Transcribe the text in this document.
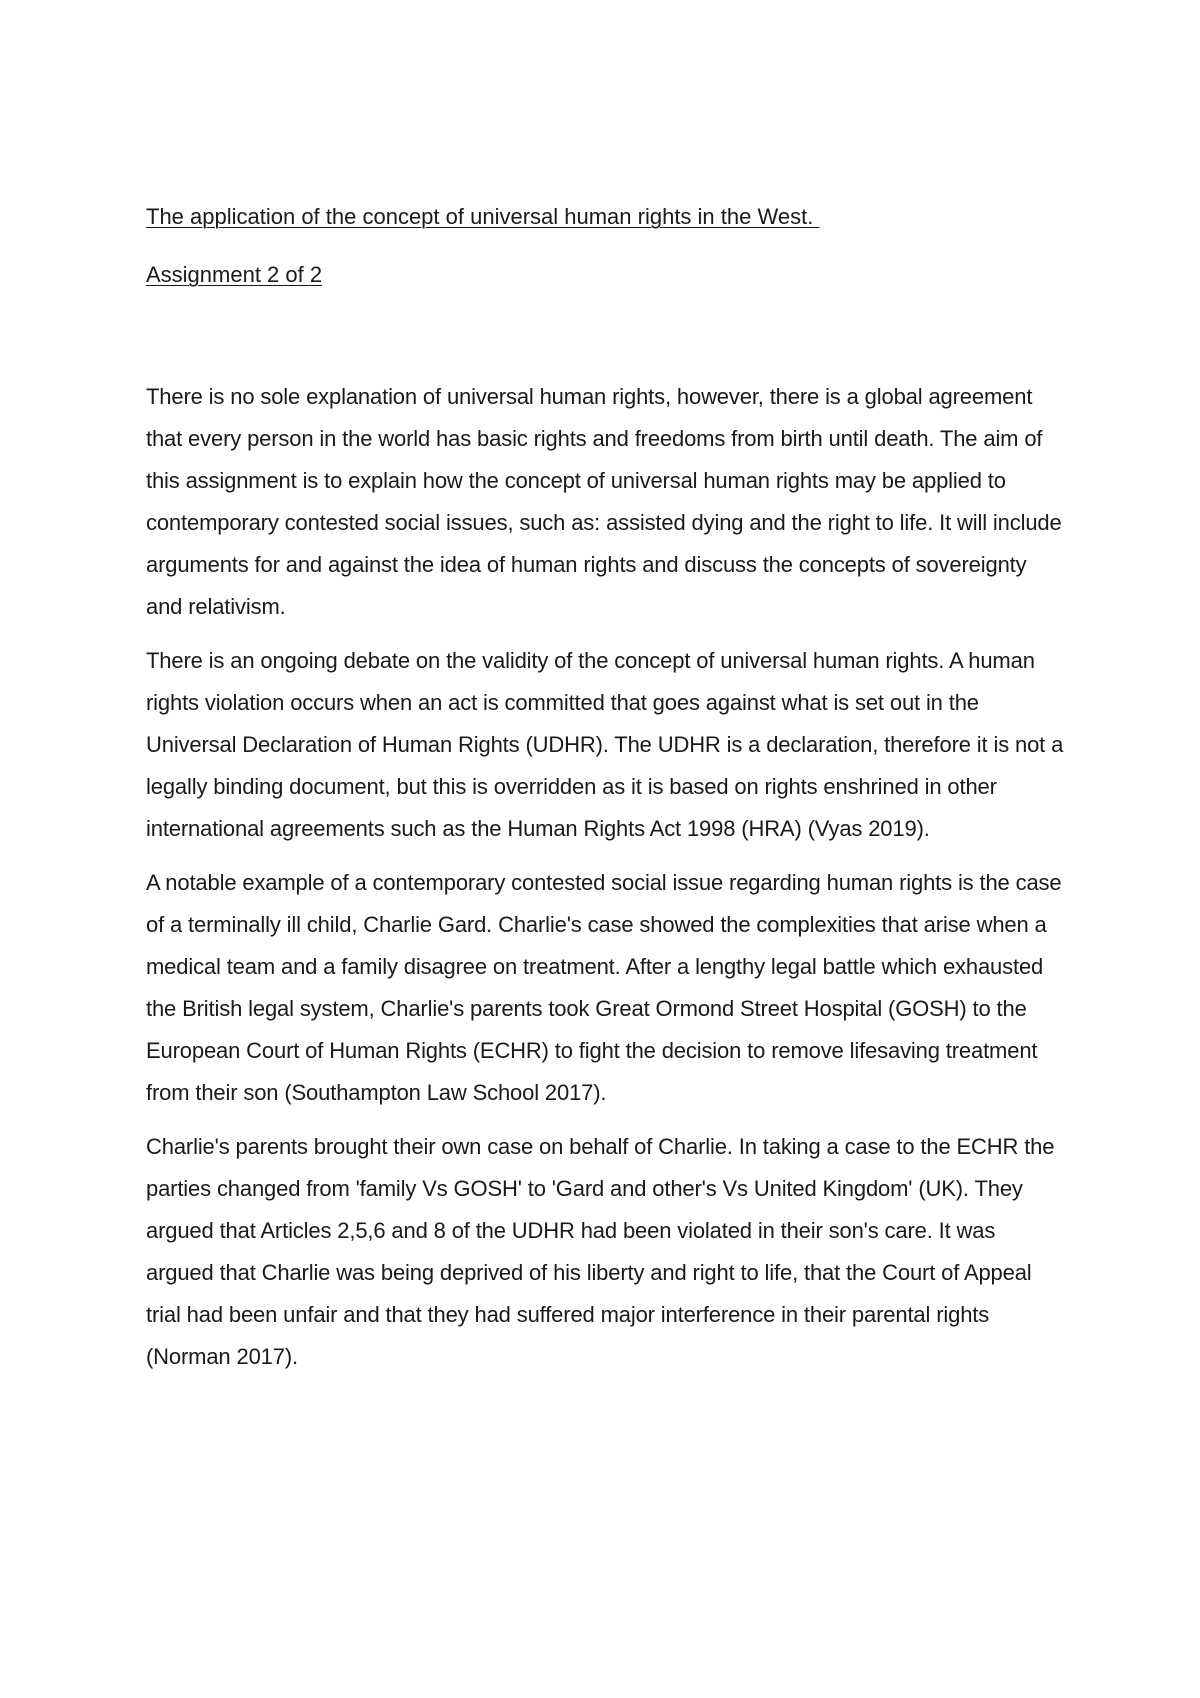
The application of the concept of universal human rights in the West.

Assignment 2 of 2

There is no sole explanation of universal human rights, however, there is a global agreement that every person in the world has basic rights and freedoms from birth until death. The aim of this assignment is to explain how the concept of universal human rights may be applied to contemporary contested social issues, such as: assisted dying and the right to life. It will include arguments for and against the idea of human rights and discuss the concepts of sovereignty and relativism.

There is an ongoing debate on the validity of the concept of universal human rights. A human rights violation occurs when an act is committed that goes against what is set out in the Universal Declaration of Human Rights (UDHR). The UDHR is a declaration, therefore it is not a legally binding document, but this is overridden as it is based on rights enshrined in other international agreements such as the Human Rights Act 1998 (HRA) (Vyas 2019).

A notable example of a contemporary contested social issue regarding human rights is the case of a terminally ill child, Charlie Gard. Charlie's case showed the complexities that arise when a medical team and a family disagree on treatment. After a lengthy legal battle which exhausted the British legal system, Charlie's parents took Great Ormond Street Hospital (GOSH) to the European Court of Human Rights (ECHR) to fight the decision to remove lifesaving treatment from their son (Southampton Law School 2017).

Charlie's parents brought their own case on behalf of Charlie. In taking a case to the ECHR the parties changed from 'family Vs GOSH' to 'Gard and other's Vs United Kingdom' (UK). They argued that Articles 2,5,6 and 8 of the UDHR had been violated in their son's care. It was argued that Charlie was being deprived of his liberty and right to life, that the Court of Appeal trial had been unfair and that they had suffered major interference in their parental rights (Norman 2017).
